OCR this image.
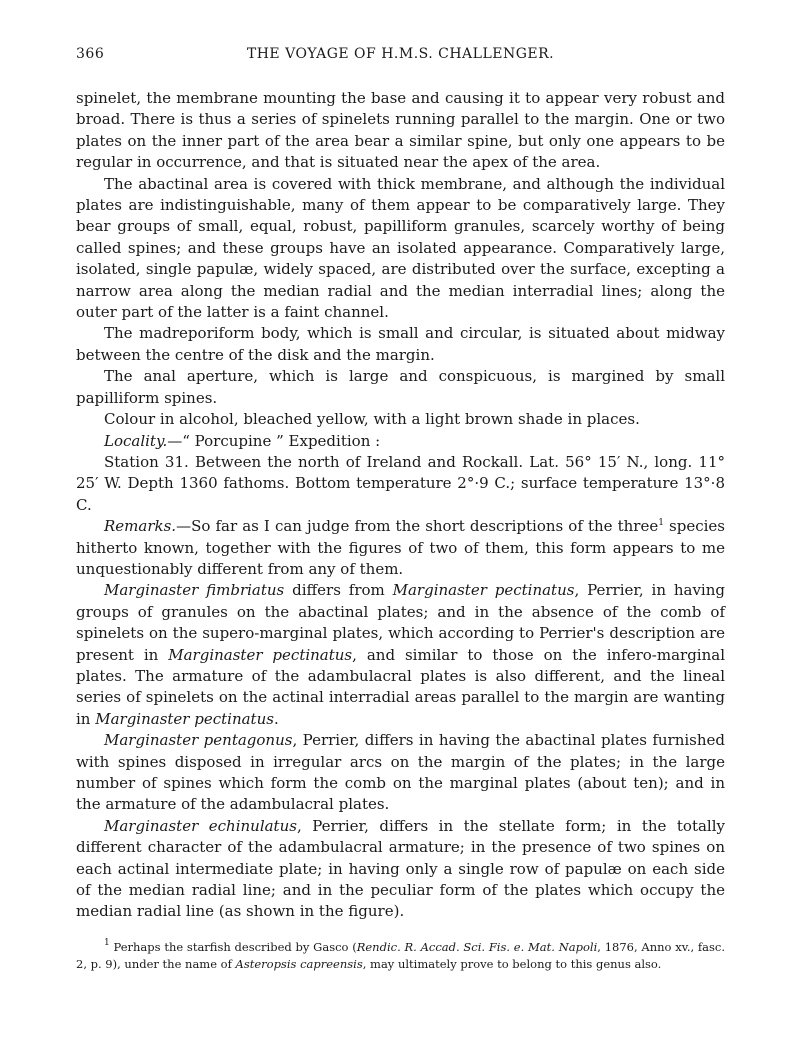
366	THE VOYAGE OF H.M.S. CHALLENGER.

spinelet, the membrane mounting the base and causing it to appear very robust and broad. There is thus a series of spinelets running parallel to the margin. One or two plates on the inner part of the area bear a similar spine, but only one appears to be regular in occurrence, and that is situated near the apex of the area.

The abactinal area is covered with thick membrane, and although the individual plates are indistinguishable, many of them appear to be comparatively large. They bear groups of small, equal, robust, papilliform granules, scarcely worthy of being called spines; and these groups have an isolated appearance. Comparatively large, isolated, single papulæ, widely spaced, are distributed over the surface, excepting a narrow area along the median radial and the median interradial lines; along the outer part of the latter is a faint channel.

The madreporiform body, which is small and circular, is situated about midway between the centre of the disk and the margin.

The anal aperture, which is large and conspicuous, is margined by small papilliform spines.

Colour in alcohol, bleached yellow, with a light brown shade in places.

Locality.—“ Porcupine ” Expedition :

Station 31. Between the north of Ireland and Rockall. Lat. 56° 15′ N., long. 11° 25′ W. Depth 1360 fathoms. Bottom temperature 2°·9 C.; surface temperature 13°·8 C.

Remarks.—So far as I can judge from the short descriptions of the three$^1$ species hitherto known, together with the figures of two of them, this form appears to me unquestionably different from any of them.

Marginaster fimbriatus differs from Marginaster pectinatus, Perrier, in having groups of granules on the abactinal plates; and in the absence of the comb of spinelets on the supero-marginal plates, which according to Perrier's description are present in Marginaster pectinatus, and similar to those on the infero-marginal plates. The armature of the adambulacral plates is also different, and the lineal series of spinelets on the actinal interradial areas parallel to the margin are wanting in Marginaster pectinatus.

Marginaster pentagonus, Perrier, differs in having the abactinal plates furnished with spines disposed in irregular arcs on the margin of the plates; in the large number of spines which form the comb on the marginal plates (about ten); and in the armature of the adambulacral plates.

Marginaster echinulatus, Perrier, differs in the stellate form; in the totally different character of the adambulacral armature; in the presence of two spines on each actinal intermediate plate; in having only a single row of papulæ on each side of the median radial line; and in the peculiar form of the plates which occupy the median radial line (as shown in the figure).

$^1$ Perhaps the starfish described by Gasco (Rendic. R. Accad. Sci. Fis. e. Mat. Napoli, 1876, Anno xv., fasc. 2, p. 9), under the name of Asteropsis capreensis, may ultimately prove to belong to this genus also.
